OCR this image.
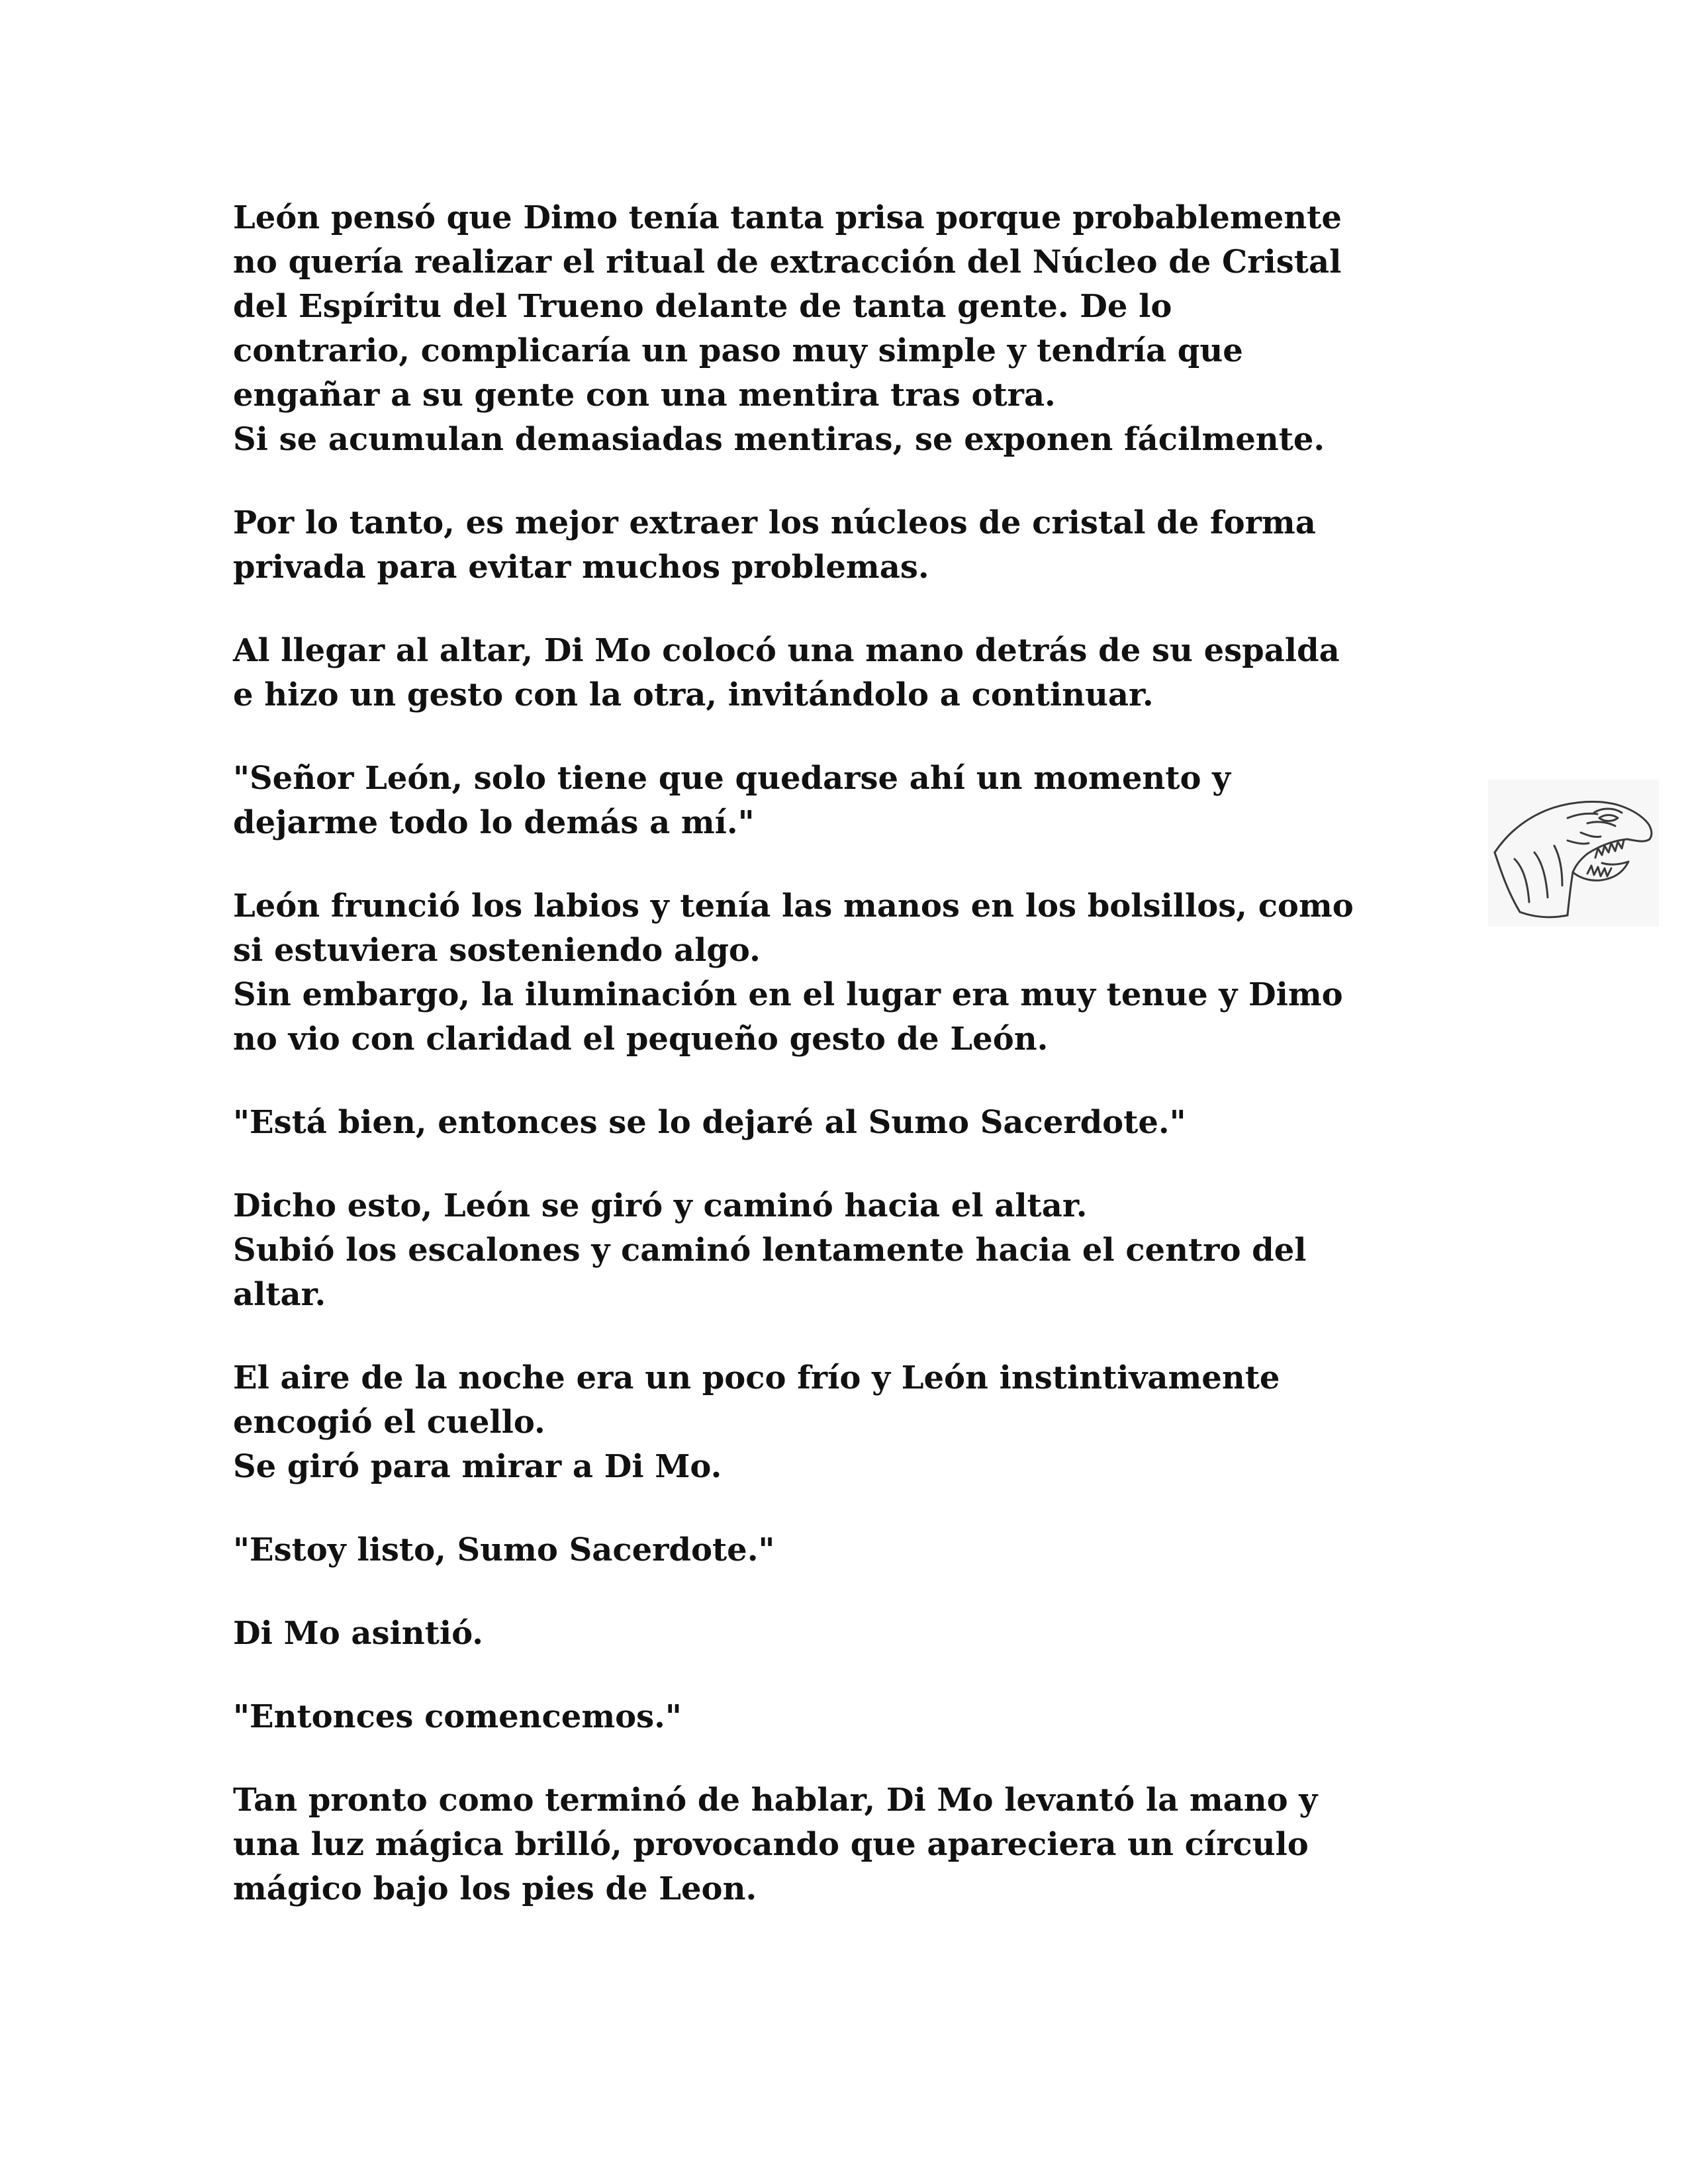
León pensó que Dimo tenía tanta prisa porque probablemente
no quería realizar el ritual de extracción del Núcleo de Cristal
del Espíritu del Trueno delante de tanta gente. De lo
contrario, complicaría un paso muy simple y tendría que
engañar a su gente con una mentira tras otra.
Si se acumulan demasiadas mentiras, se exponen fácilmente.
Por lo tanto, es mejor extraer los núcleos de cristal de forma
privada para evitar muchos problemas.
Al llegar al altar, Di Mo colocó una mano detrás de su espalda
e hizo un gesto con la otra, invitándolo a continuar.
"Señor León, solo tiene que quedarse ahí un momento y
dejarme todo lo demás a mí."
León frunció los labios y tenía las manos en los bolsillos, como
si estuviera sosteniendo algo.
Sin embargo, la iluminación en el lugar era muy tenue y Dimo
no vio con claridad el pequeño gesto de León.
"Está bien, entonces se lo dejaré al Sumo Sacerdote."
Dicho esto, León se giró y caminó hacia el altar.
Subió los escalones y caminó lentamente hacia el centro del
altar.
El aire de la noche era un poco frío y León instintivamente
encogió el cuello.
Se giró para mirar a Di Mo.
"Estoy listo, Sumo Sacerdote."
Di Mo asintió.
"Entonces comencemos."
Tan pronto como terminó de hablar, Di Mo levantó la mano y
una luz mágica brilló, provocando que apareciera un círculo
mágico bajo los pies de Leon.
